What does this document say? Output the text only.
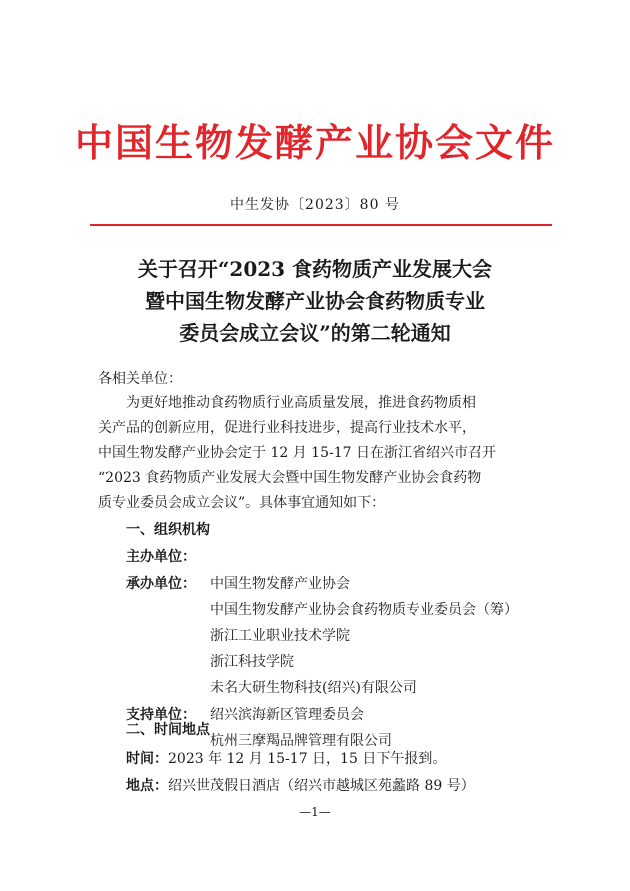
中国生物发酵产业协会文件
中生发协〔2023〕80 号
关于召开“2023 食药物质产业发展大会
暨中国生物发酵产业协会食药物质专业
委员会成立会议”的第二轮通知
各相关单位：
为更好地推动食药物质行业高质量发展，推进食药物质相
关产品的创新应用，促进行业科技进步，提高行业技术水平，
中国生物发酵产业协会定于 12 月 15-17 日在浙江省绍兴市召开
“2023 食药物质产业发展大会暨中国生物发酵产业协会食药物
质专业委员会成立会议”。具体事宜通知如下：
一、组织机构
主办单位：
中国生物发酵产业协会
承办单位：
中国生物发酵产业协会食药物质专业委员会（筹）
浙江工业职业技术学院
浙江科技学院
未名大研生物科技(绍兴)有限公司
支持单位： 绍兴滨海新区管理委员会
杭州三摩羯品牌管理有限公司
二、时间地点
时间： 2023 年 12 月 15-17 日，15 日下午报到。
地点： 绍兴世茂假日酒店（绍兴市越城区苑蠡路 89 号）
—1—
